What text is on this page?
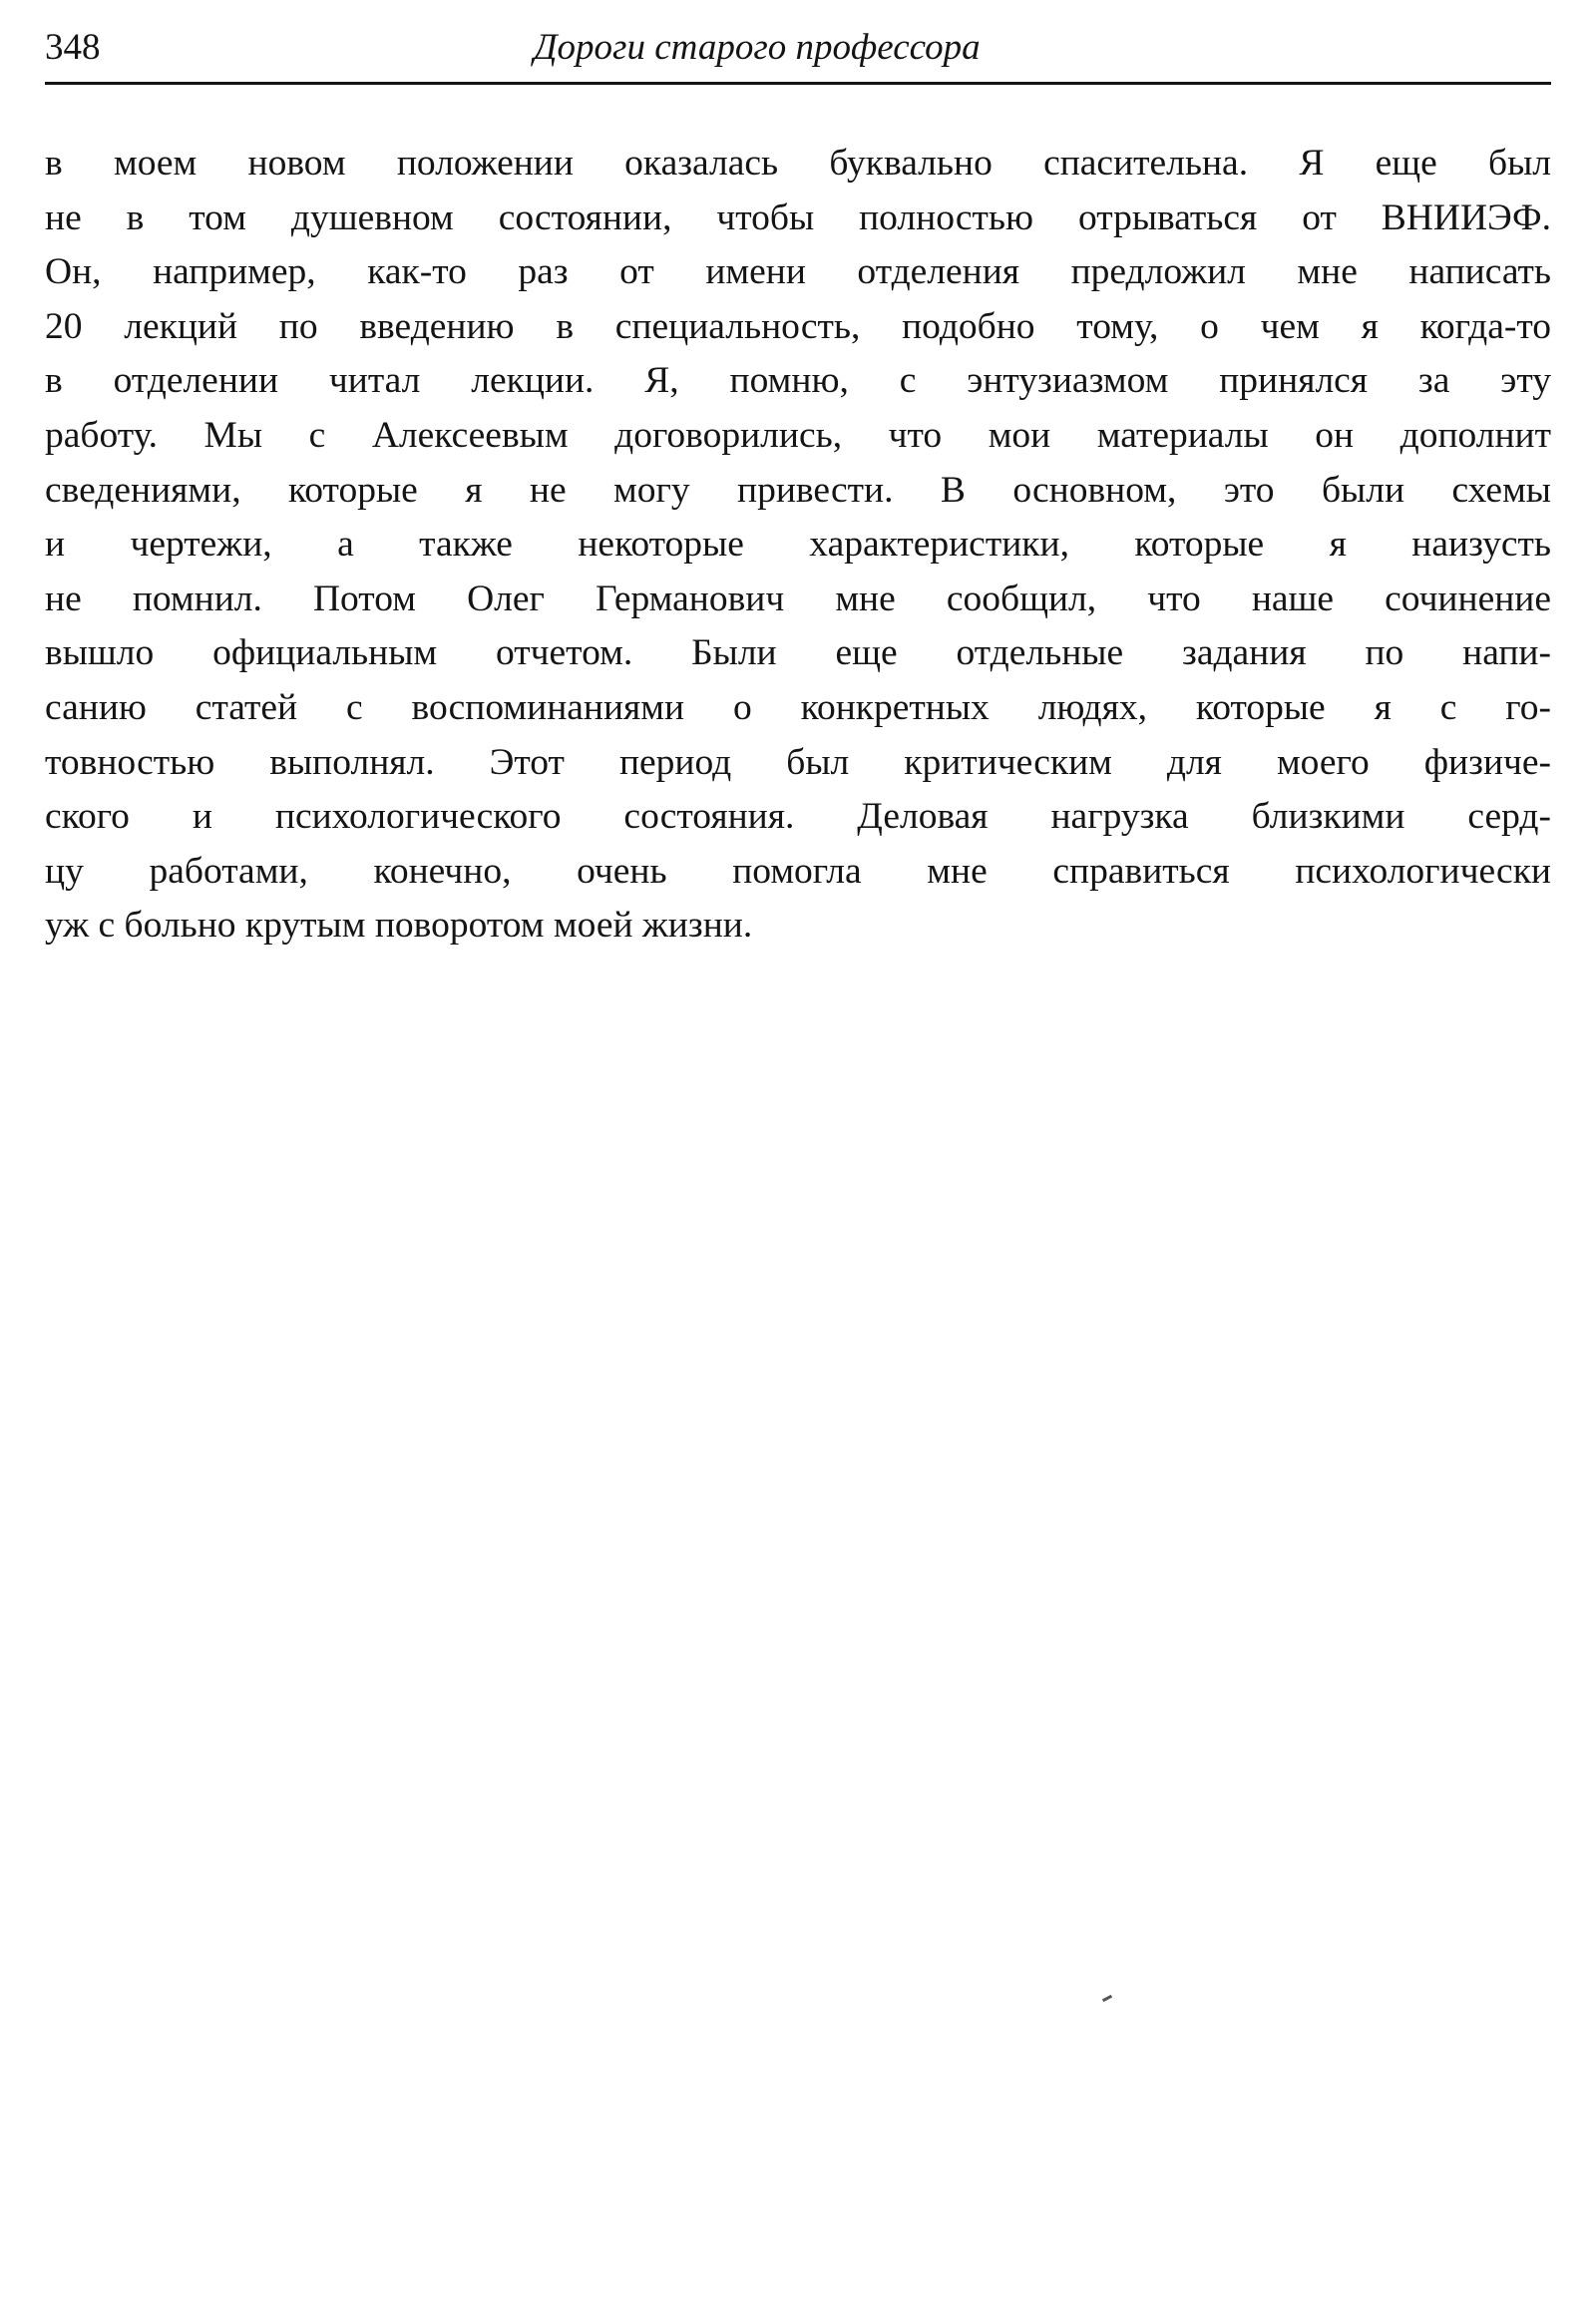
348	Дороги старого профессора

в моем новом положении оказалась буквально спасительна. Я еще был
не в том душевном состоянии, чтобы полностью отрываться от ВНИИЭФ.
Он, например, как-то раз от имени отделения предложил мне написать
20 лекций по введению в специальность, подобно тому, о чем я когда-то
в отделении читал лекции. Я, помню, с энтузиазмом принялся за эту
работу. Мы с Алексеевым договорились, что мои материалы он дополнит
сведениями, которые я не могу привести. В основном, это были схемы
и чертежи, а также некоторые характеристики, которые я наизусть
не помнил. Потом Олег Германович мне сообщил, что наше сочинение
вышло официальным отчетом. Были еще отдельные задания по напи-
санию статей с воспоминаниями о конкретных людях, которые я с го-
товностью выполнял. Этот период был критическим для моего физиче-
ского и психологического состояния. Деловая нагрузка близкими серд-
цу работами, конечно, очень помогла мне справиться психологически
уж с больно крутым поворотом моей жизни.
